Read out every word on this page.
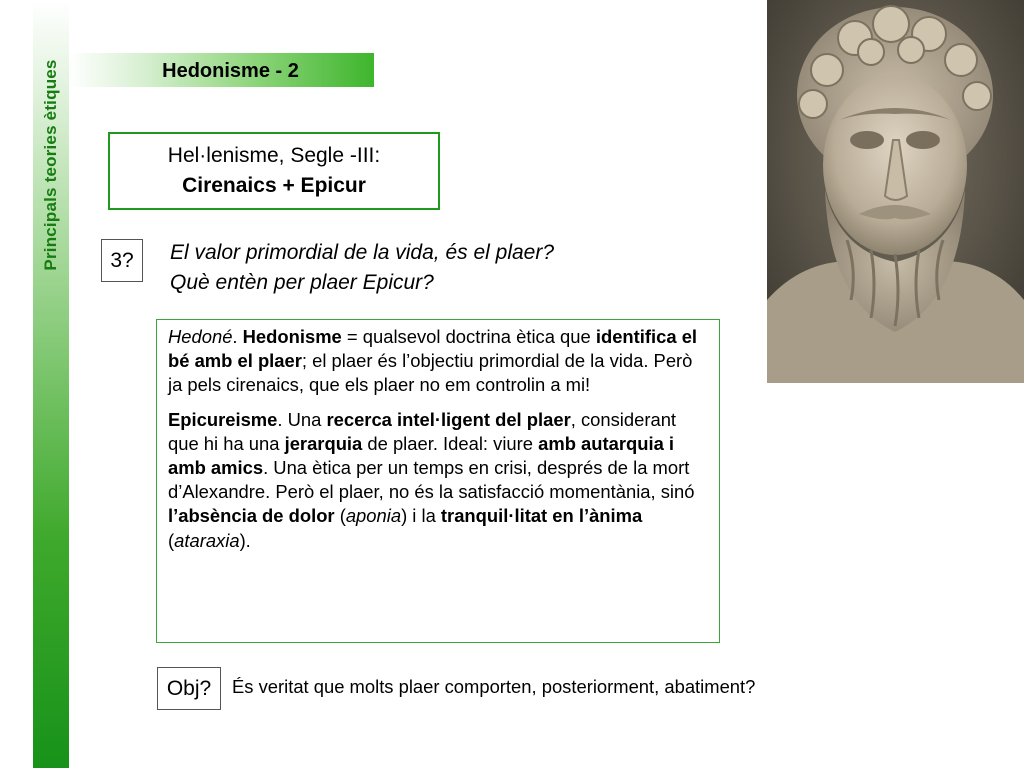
Principals teories ètiques	Hedonisme - 2
Hel·lenisme, Segle -III:
Cirenaics + Epicur
3?	El valor primordial de la vida, és el plaer?
Què entèn per plaer Epicur?

Hedoné. Hedonisme = qualsevol doctrina ètica que identifica el bé amb el plaer; el plaer és l’objectiu primordial de la vida. Però ja pels cirenaics, que els plaer no em controlin a mi!

Epicureisme. Una recerca intel·ligent del plaer, considerant que hi ha una jerarquia de plaer. Ideal: viure amb autarquia i amb amics. Una ètica per un temps en crisi, després de la mort d’Alexandre. Però el plaer, no és la satisfacció momentània, sinó l’absència de dolor (aponia) i la tranquil·litat en l’ànima (ataraxia).

Obj?	És veritat que molts plaer comporten, posteriorment, abatiment?
